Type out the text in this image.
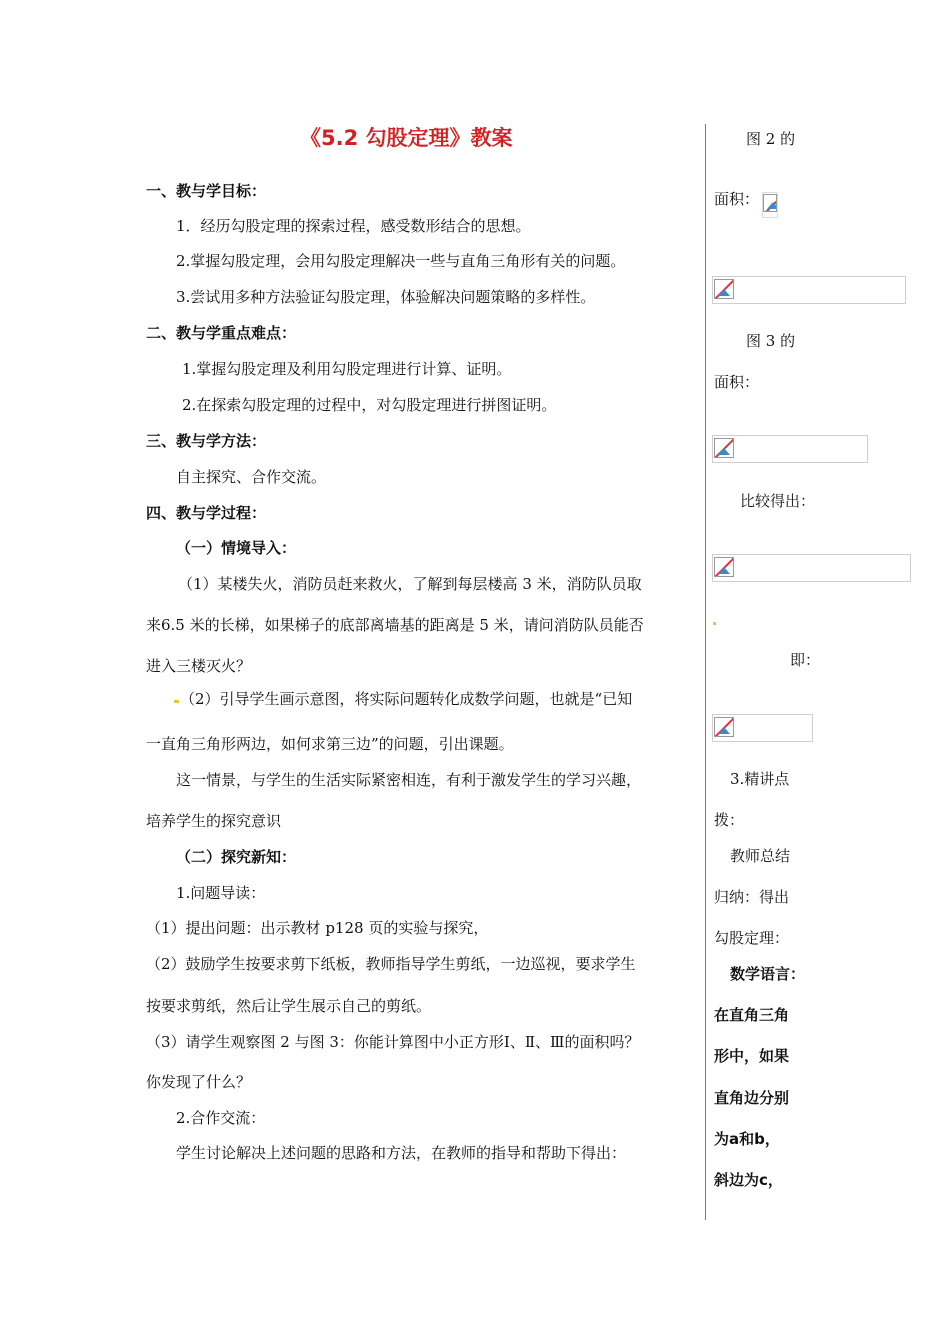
《5.2 勾股定理》教案
一、教与学目标：
1．经历勾股定理的探索过程，感受数形结合的思想。
2.掌握勾股定理，会用勾股定理解决一些与直角三角形有关的问题。
3.尝试用多种方法验证勾股定理，体验解决问题策略的多样性。
二、教与学重点难点：
1.掌握勾股定理及利用勾股定理进行计算、证明。
2.在探索勾股定理的过程中，对勾股定理进行拼图证明。
三、教与学方法：
自主探究、合作交流。
四、教与学过程：
（一）情境导入：
（1）某楼失火，消防员赶来救火，了解到每层楼高 3 米，消防队员取
来6.5 米的长梯，如果梯子的底部离墙基的距离是 5 米，请问消防队员能否
进入三楼灭火？
（2）引导学生画示意图，将实际问题转化成数学问题，也就是“已知
一直角三角形两边，如何求第三边”的问题，引出课题。
这一情景，与学生的生活实际紧密相连，有利于激发学生的学习兴趣，
培养学生的探究意识
（二）探究新知：
1.问题导读：
（1）提出问题：出示教材 p128 页的实验与探究，
（2）鼓励学生按要求剪下纸板，教师指导学生剪纸，一边巡视，要求学生
按要求剪纸，然后让学生展示自己的剪纸。
（3）请学生观察图 2 与图 3：你能计算图中小正方形Ⅰ、Ⅱ、Ⅲ的面积吗？
你发现了什么？
2.合作交流：
学生讨论解决上述问题的思路和方法，在教师的指导和帮助下得出：
图 2 的
面积：
图 3 的
面积：
比较得出：
即：
3.精讲点
拨：
教师总结
归纳：得出
勾股定理：
数学语言：
在直角三角
形中，如果
直角边分别
为a和b，
斜边为c，
